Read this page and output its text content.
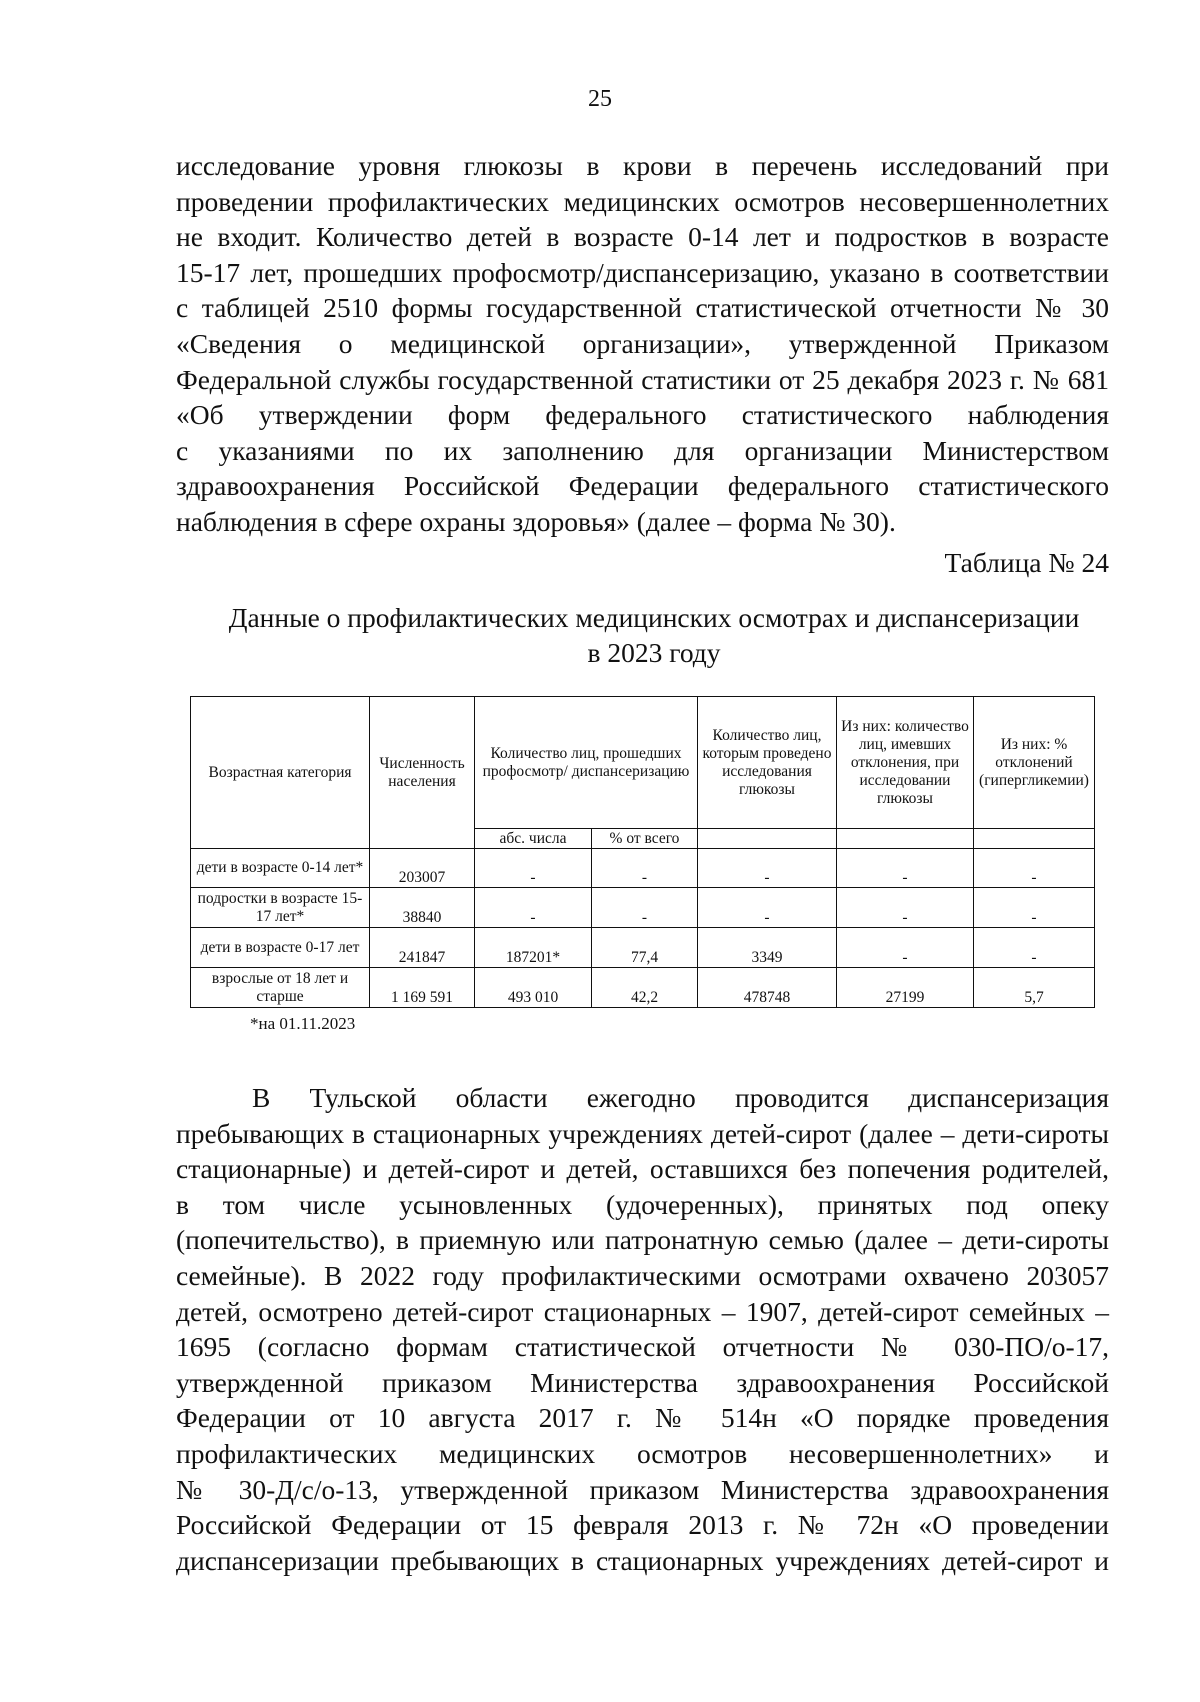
25
исследование уровня глюкозы в крови в перечень исследований при
проведении профилактических медицинских осмотров несовершеннолетних
не входит. Количество детей в возрасте 0-14 лет и подростков в возрасте
15-17 лет, прошедших профосмотр/диспансеризацию, указано в соответствии
с таблицей 2510 формы государственной статистической отчетности № 30
«Сведения о медицинской организации», утвержденной Приказом
Федеральной службы государственной статистики от 25 декабря 2023 г. № 681
«Об утверждении форм федерального статистического наблюдения
с указаниями по их заполнению для организации Министерством
здравоохранения Российской Федерации федерального статистического
наблюдения в сфере охраны здоровья» (далее – форма № 30).
Таблица № 24
Данные о профилактических медицинских осмотрах и диспансеризации
в 2023 году
Возрастная категория	Численность населения	Количество лиц, прошедших профосмотр/ диспансеризацию		Количество лиц, которым проведено исследования глюкозы	Из них: количество лиц, имевших отклонения, при исследовании глюкозы	Из них: % отклонений (гипергликемии)
		абс. числа	% от всего			
дети в возрасте 0-14 лет*	203007	-	-	-	-	-
подростки в возрасте 15-17 лет*	38840	-	-	-	-	-
дети в возрасте 0-17 лет	241847	187201*	77,4	3349	-	-
взрослые от 18 лет и старше	1 169 591	493 010	42,2	478748	27199	5,7
*на 01.11.2023
В Тульской области ежегодно проводится диспансеризация
пребывающих в стационарных учреждениях детей-сирот (далее – дети-сироты
стационарные) и детей-сирот и детей, оставшихся без попечения родителей,
в том числе усыновленных (удочеренных), принятых под опеку
(попечительство), в приемную или патронатную семью (далее – дети-сироты
семейные). В 2022 году профилактическими осмотрами охвачено 203057
детей, осмотрено детей-сирот стационарных – 1907, детей-сирот семейных –
1695 (согласно формам статистической отчетности № 030-ПО/о-17,
утвержденной приказом Министерства здравоохранения Российской
Федерации от 10 августа 2017 г. № 514н «О порядке проведения
профилактических медицинских осмотров несовершеннолетних» и
№ 30-Д/с/о-13, утвержденной приказом Министерства здравоохранения
Российской Федерации от 15 февраля 2013 г. № 72н «О проведении
диспансеризации пребывающих в стационарных учреждениях детей-сирот и
